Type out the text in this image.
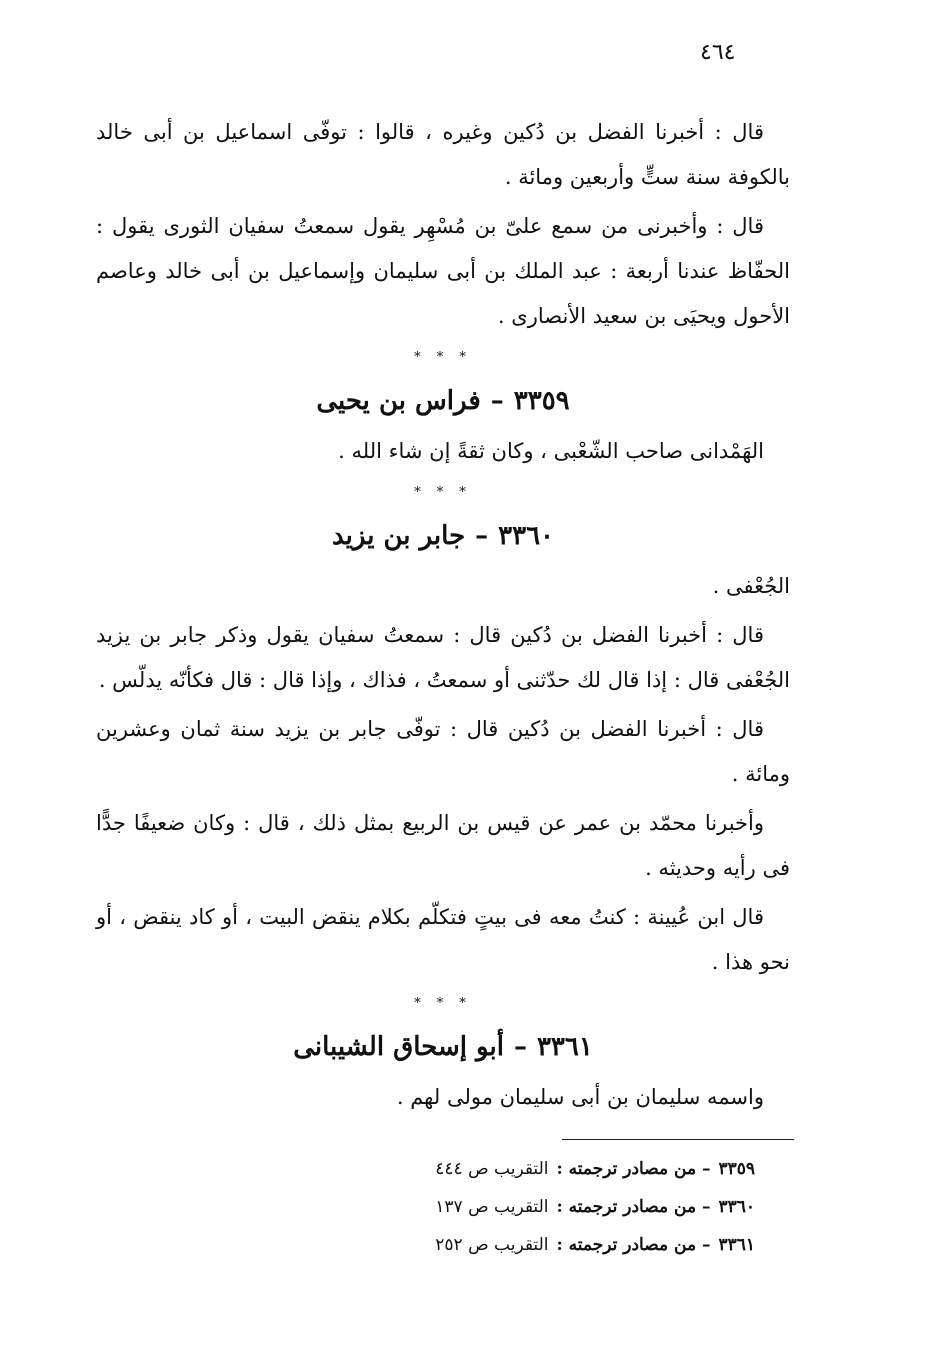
٤٦٤

قال : أخبرنا الفضل بن دُكين وغيره ، قالوا : توفّى اسماعيل بن أبى خالد بالكوفة سنة ستٍّ وأربعين ومائة .

قال : وأخبرنى من سمع علىّ بن مُسْهِر يقول سمعتُ سفيان الثورى يقول : الحفّاظ عندنا أربعة : عبد الملك بن أبى سليمان وإسماعيل بن أبى خالد وعاصم الأحول ويحيَى بن سعيد الأنصارى .

* * *
٣٣٥٩–فراس بن يحيى

الهَمْدانى صاحب الشّعْبى ، وكان ثقةً إن شاء الله .

* * *
٣٣٦٠–جابر بن يزيد

الجُعْفى .

قال : أخبرنا الفضل بن دُكين قال : سمعتُ سفيان يقول وذكر جابر بن يزيد الجُعْفى قال : إذا قال لك حدّثنى أو سمعتُ ، فذاك ، وإذا قال : قال فكأنّه يدلّس .

قال : أخبرنا الفضل بن دُكين قال : توفّى جابر بن يزيد سنة ثمان وعشرين ومائة .

وأخبرنا محمّد بن عمر عن قيس بن الربيع بمثل ذلك ، قال : وكان ضعيفًا جدًّا فى رأيه وحديثه .

قال ابن عُيينة : كنتُ معه فى بيتٍ فتكلّم بكلام ينقض البيت ، أو كاد ينقض ، أو نحو هذا .

* * *
٣٣٦١–أبو إسحاق الشيبانى

واسمه سليمان بن أبى سليمان مولى لهم .

٣٣٥٩– من مصادر ترجمته :التقريب ص ٤٤٤
٣٣٦٠– من مصادر ترجمته :التقريب ص ١٣٧
٣٣٦١– من مصادر ترجمته :التقريب ص ٢٥٢
